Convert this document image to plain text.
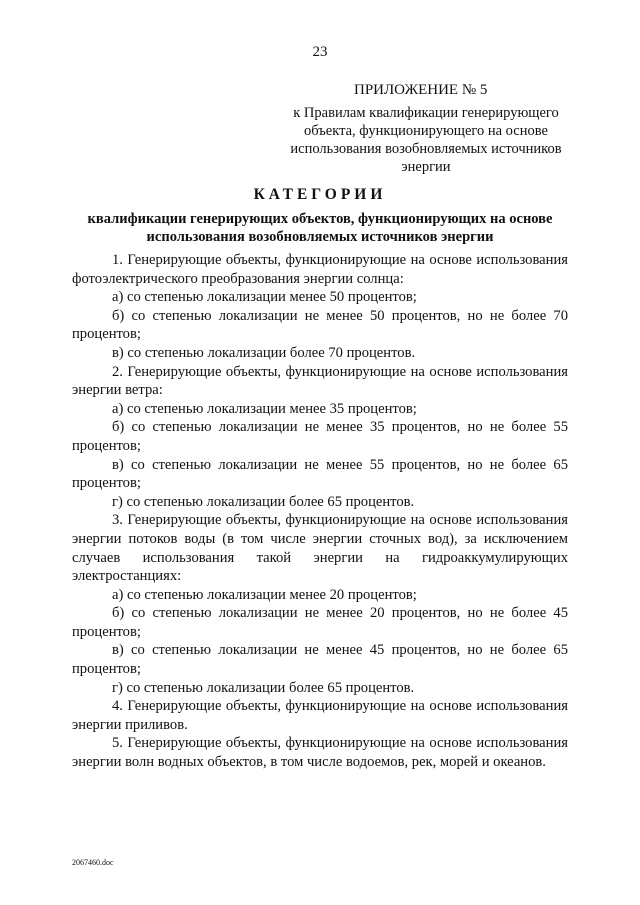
23
ПРИЛОЖЕНИЕ № 5
к Правилам квалификации генерирующего объекта, функционирующего на основе использования возобновляемых источников энергии
КАТЕГОРИИ
квалификации генерирующих объектов, функционирующих на основе использования возобновляемых источников энергии

1. Генерирующие объекты, функционирующие на основе использования фотоэлектрического преобразования энергии солнца:

а) со степенью локализации менее 50 процентов;

б) со степенью локализации не менее 50 процентов, но не более 70 процентов;

в) со степенью локализации более 70 процентов.

2. Генерирующие объекты, функционирующие на основе использования энергии ветра:

а) со степенью локализации менее 35 процентов;

б) со степенью локализации не менее 35 процентов, но не более 55 процентов;

в) со степенью локализации не менее 55 процентов, но не более 65 процентов;

г) со степенью локализации более 65 процентов.

3. Генерирующие объекты, функционирующие на основе использования энергии потоков воды (в том числе энергии сточных вод), за исключением случаев использования такой энергии на гидроаккумулирующих электростанциях:

а) со степенью локализации менее 20 процентов;

б) со степенью локализации не менее 20 процентов, но не более 45 процентов;

в) со степенью локализации не менее 45 процентов, но не более 65 процентов;

г) со степенью локализации более 65 процентов.

4. Генерирующие объекты, функционирующие на основе использования энергии приливов.

5. Генерирующие объекты, функционирующие на основе использования энергии волн водных объектов, в том числе водоемов, рек, морей и океанов.

2067460.doc
